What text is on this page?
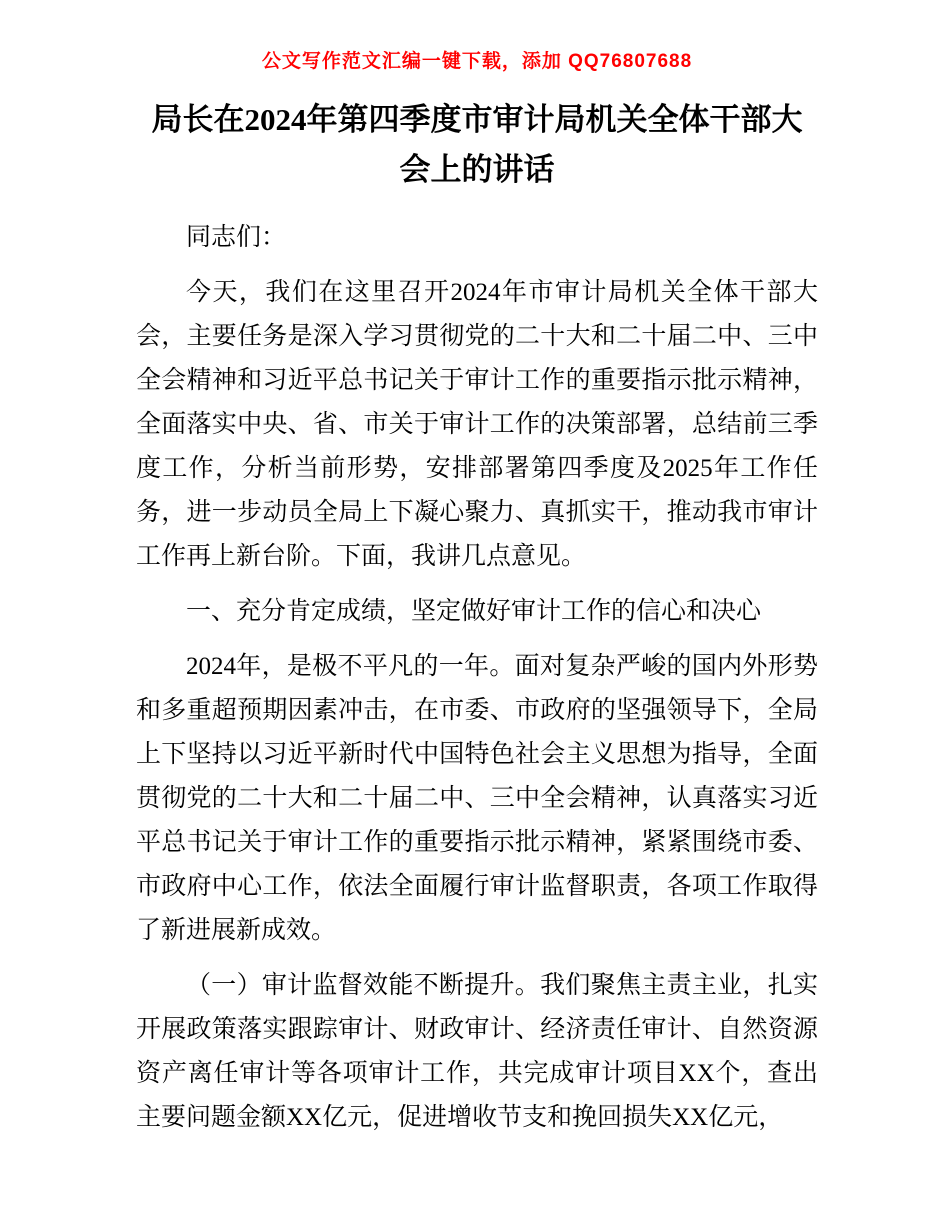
公文写作范文汇编一键下载，添加 QQ76807688
局长在2024年第四季度市审计局机关全体干部大会上的讲话

同志们：

今天，我们在这里召开2024年市审计局机关全体干部大会，主要任务是深入学习贯彻党的二十大和二十届二中、三中全会精神和习近平总书记关于审计工作的重要指示批示精神，全面落实中央、省、市关于审计工作的决策部署，总结前三季度工作，分析当前形势，安排部署第四季度及2025年工作任务，进一步动员全局上下凝心聚力、真抓实干，推动我市审计工作再上新台阶。下面，我讲几点意见。

一、充分肯定成绩，坚定做好审计工作的信心和决心

2024年，是极不平凡的一年。面对复杂严峻的国内外形势和多重超预期因素冲击，在市委、市政府的坚强领导下，全局上下坚持以习近平新时代中国特色社会主义思想为指导，全面贯彻党的二十大和二十届二中、三中全会精神，认真落实习近平总书记关于审计工作的重要指示批示精神，紧紧围绕市委、市政府中心工作，依法全面履行审计监督职责，各项工作取得了新进展新成效。

（一）审计监督效能不断提升。我们聚焦主责主业，扎实开展政策落实跟踪审计、财政审计、经济责任审计、自然资源资产离任审计等各项审计工作，共完成审计项目XX个，查出主要问题金额XX亿元，促进增收节支和挽回损失XX亿元，
